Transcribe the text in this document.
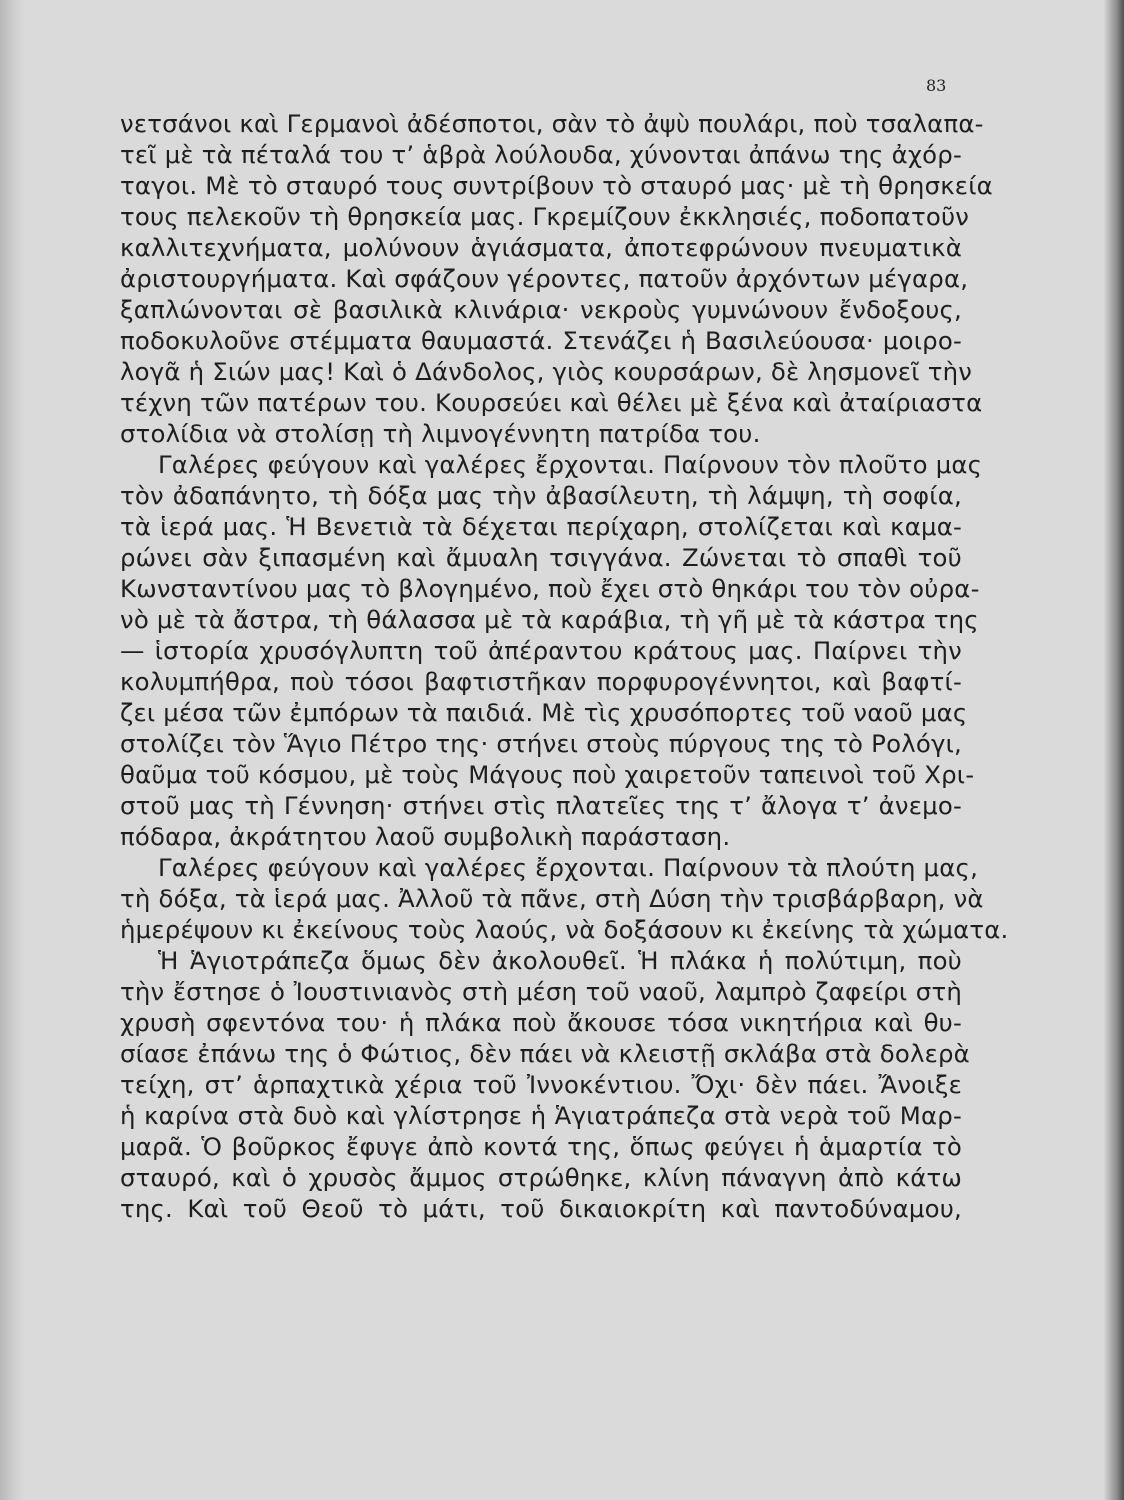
83

νετσάνοι καὶ Γερμανοὶ ἀδέσποτοι, σὰν τὸ ἀψὺ πουλάρι, ποὺ τσαλαπα-
τεῖ μὲ τὰ πέταλά του τ’ ἁβρὰ λούλουδα, χύνονται ἀπάνω της ἀχόρ-
ταγοι. Μὲ τὸ σταυρό τους συντρίβουν τὸ σταυρό μας· μὲ τὴ θρησκεία
τους πελεκοῦν τὴ θρησκεία μας. Γκρεμίζουν ἐκκλησιές, ποδοπατοῦν
καλλιτεχνήματα, μολύνουν ἁγιάσματα, ἀποτεφρώνουν πνευματικὰ
ἀριστουργήματα. Καὶ σφάζουν γέροντες, πατοῦν ἀρχόντων μέγαρα,
ξαπλώνονται σὲ βασιλικὰ κλινάρια· νεκροὺς γυμνώνουν ἔνδοξους,
ποδοκυλοῦνε στέμματα θαυμαστά. Στενάζει ἡ Βασιλεύουσα· μοιρο-
λογᾶ ἡ Σιών μας! Καὶ ὁ Δάνδολος, γιὸς κουρσάρων, δὲ λησμονεῖ τὴν
τέχνη τῶν πατέρων του. Κουρσεύει καὶ θέλει μὲ ξένα καὶ ἀταίριαστα
στολίδια νὰ στολίσῃ τὴ λιμνογέννητη πατρίδα του.

Γαλέρες φεύγουν καὶ γαλέρες ἔρχονται. Παίρνουν τὸν πλοῦτο μας
τὸν ἀδαπάνητο, τὴ δόξα μας τὴν ἀβασίλευτη, τὴ λάμψη, τὴ σοφία,
τὰ ἱερά μας. Ἡ Βενετιὰ τὰ δέχεται περίχαρη, στολίζεται καὶ καμα-
ρώνει σὰν ξιπασμένη καὶ ἄμυαλη τσιγγάνα. Ζώνεται τὸ σπαθὶ τοῦ
Κωνσταντίνου μας τὸ βλογημένο, ποὺ ἔχει στὸ θηκάρι του τὸν οὐρα-
νὸ μὲ τὰ ἄστρα, τὴ θάλασσα μὲ τὰ καράβια, τὴ γῆ μὲ τὰ κάστρα της
— ἱστορία χρυσόγλυπτη τοῦ ἀπέραντου κράτους μας. Παίρνει τὴν
κολυμπήθρα, ποὺ τόσοι βαφτιστῆκαν πορφυρογέννητοι, καὶ βαφτί-
ζει μέσα τῶν ἐμπόρων τὰ παιδιά. Μὲ τὶς χρυσόπορτες τοῦ ναοῦ μας
στολίζει τὸν Ἅγιο Πέτρο της· στήνει στοὺς πύργους της τὸ Ρολόγι,
θαῦμα τοῦ κόσμου, μὲ τοὺς Μάγους ποὺ χαιρετοῦν ταπεινοὶ τοῦ Χρι-
στοῦ μας τὴ Γέννηση· στήνει στὶς πλατεῖες της τ’ ἄλογα τ’ ἀνεμο-
πόδαρα, ἀκράτητου λαοῦ συμβολικὴ παράσταση.

Γαλέρες φεύγουν καὶ γαλέρες ἔρχονται. Παίρνουν τὰ πλούτη μας,
τὴ δόξα, τὰ ἱερά μας. Ἀλλοῦ τὰ πᾶνε, στὴ Δύση τὴν τρισβάρβαρη, νὰ
ἡμερέψουν κι ἐκείνους τοὺς λαούς, νὰ δοξάσουν κι ἐκείνης τὰ χώματα.

Ἡ Ἁγιοτράπεζα ὅμως δὲν ἀκολουθεῖ. Ἡ πλάκα ἡ πολύτιμη, ποὺ
τὴν ἔστησε ὁ Ἰουστινιανὸς στὴ μέση τοῦ ναοῦ, λαμπρὸ ζαφείρι στὴ
χρυσὴ σφεντόνα του· ἡ πλάκα ποὺ ἄκουσε τόσα νικητήρια καὶ θυ-
σίασε ἐπάνω της ὁ Φώτιος, δὲν πάει νὰ κλειστῇ σκλάβα στὰ δολερὰ
τείχη, στ’ ἁρπαχτικὰ χέρια τοῦ Ἰννοκέντιου. Ὄχι· δὲν πάει. Ἄνοιξε
ἡ καρίνα στὰ δυὸ καὶ γλίστρησε ἡ Ἁγιατράπεζα στὰ νερὰ τοῦ Μαρ-
μαρᾶ. Ὁ βοῦρκος ἔφυγε ἀπὸ κοντά της, ὅπως φεύγει ἡ ἁμαρτία τὸ
σταυρό, καὶ ὁ χρυσὸς ἄμμος στρώθηκε, κλίνη πάναγνη ἀπὸ κάτω
της. Καὶ τοῦ Θεοῦ τὸ μάτι, τοῦ δικαιοκρίτη καὶ παντοδύναμου,
